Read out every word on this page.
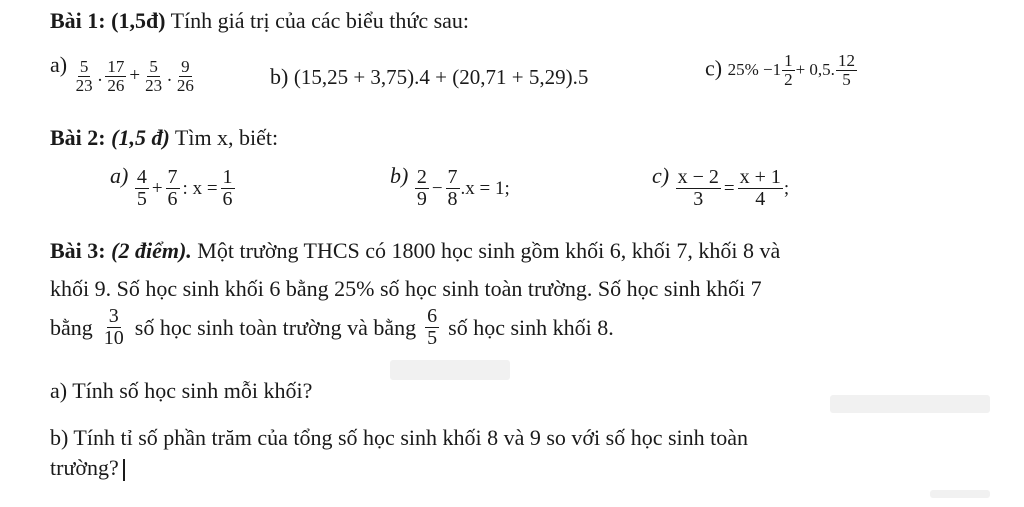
Bài 1: (1,5đ) Tính giá trị của các biểu thức sau:
$a) \frac{5}{23}$ . $\frac{17}{26} + \frac{5}{23}$ . $\frac{9}{26}$	b) (15,25 + 3,75).4 + (20,71 + 5,29).5	c) $25\% - 1 \frac{1}{2} + 0,5$. $\frac{12}{5}$
Bài 2: (1,5 đ) Tìm x, biết:
$a) \frac{4}{5} + \frac{7}{6}$ : $x = \frac{1}{6}$	$b) \frac{2}{9} - \frac{7}{8} .x = 1$;	$c) \frac{x - 2}{3} = \frac{x + 1}{4}$ ;
Bài 3: (2 điểm). Một trường THCS có 1800 học sinh gồm khối 6, khối 7, khối 8 và
khối 9. Số học sinh khối 6 bằng 25% số học sinh toàn trường. Số học sinh khối 7
bằng $\frac{3}{10}$ số học sinh toàn trường và bằng $\frac{6}{5}$ số học sinh khối 8.
a) Tính số học sinh mỗi khối?
b) Tính tỉ số phần trăm của tổng số học sinh khối 8 và 9 so với số học sinh toàn
trường?
